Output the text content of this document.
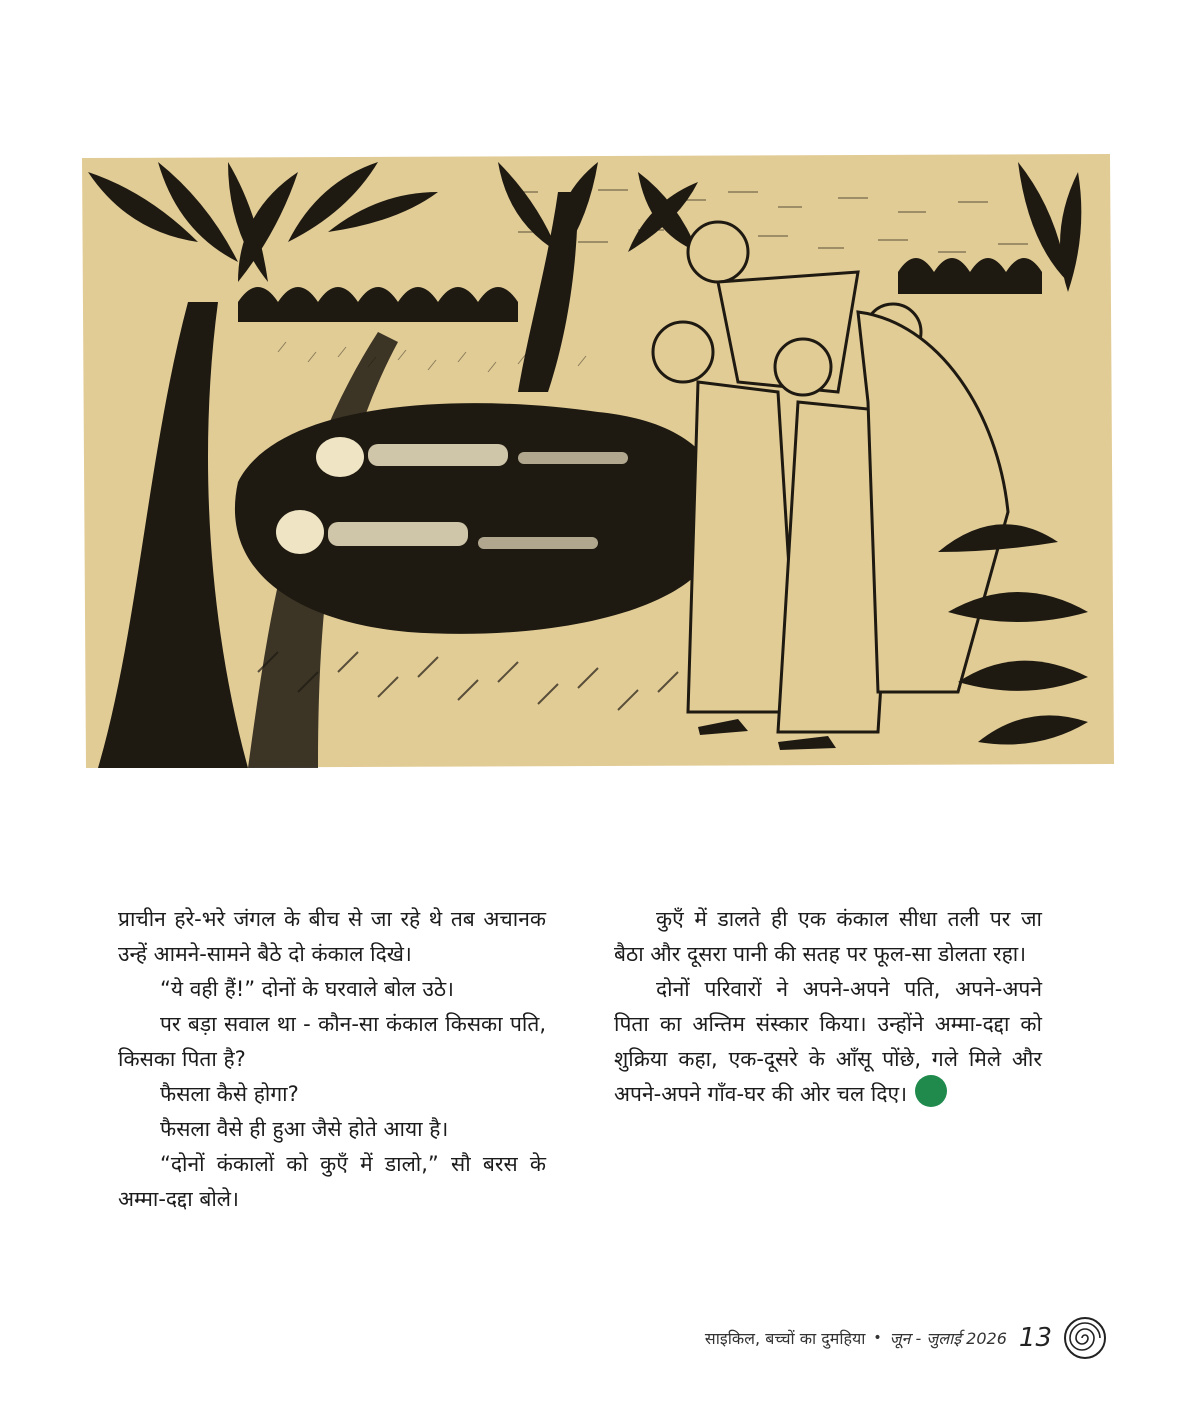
प्राचीन हरे-भरे जंगल के बीच से जा रहे थे तब अचानक उन्हें आमने-सामने बैठे दो कंकाल दिखे।

“ये वही हैं!” दोनों के घरवाले बोल उठे।

पर बड़ा सवाल था - कौन-सा कंकाल किसका पति, किसका पिता है?

फैसला कैसे होगा?

फैसला वैसे ही हुआ जैसे होते आया है।

“दोनों कंकालों को कुएँ में डालो,” सौ बरस के अम्मा-दद्दा बोले।

कुएँ में डालते ही एक कंकाल सीधा तली पर जा बैठा और दूसरा पानी की सतह पर फूल-सा डोलता रहा।

दोनों परिवारों ने अपने-अपने पति, अपने-अपने पिता का अन्तिम संस्कार किया। उन्होंने अम्मा-दद्दा को शुक्रिया कहा, एक-दूसरे के आँसू पोंछे, गले मिले और अपने-अपने गाँव-घर की ओर चल दिए।

साइकिल, बच्चों का दुमहिया • जून - जुलाई 2026 13
